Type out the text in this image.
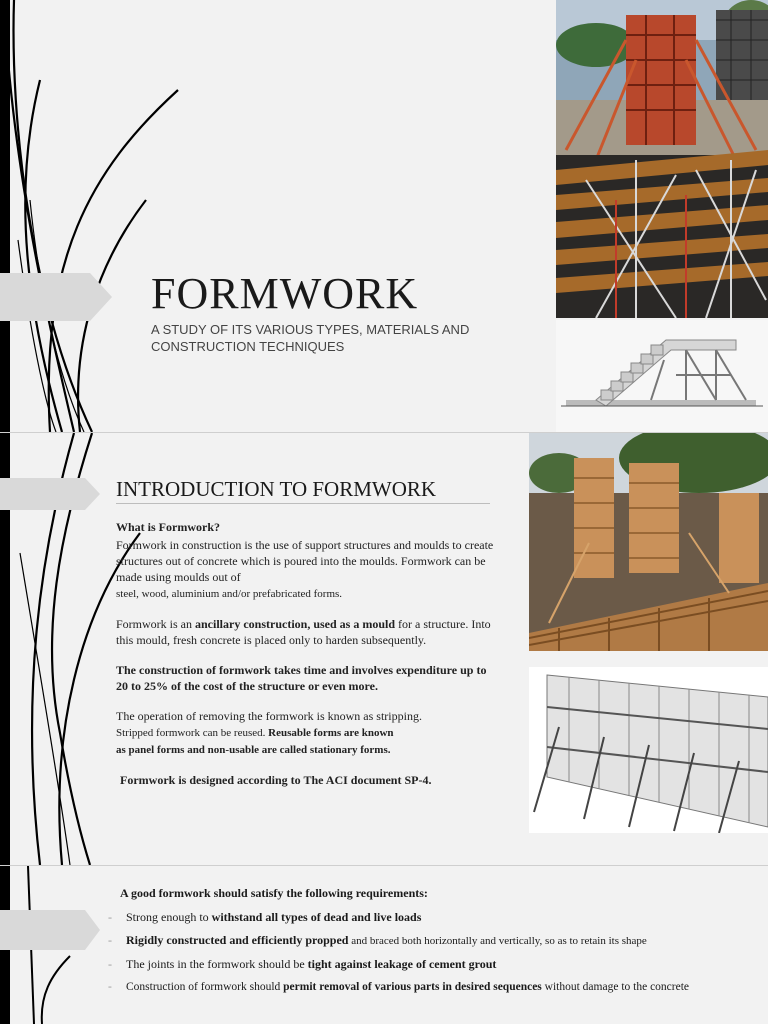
FORMWORK
A STUDY OF ITS VARIOUS TYPES, MATERIALS AND
CONSTRUCTION TECHNIQUES
INTRODUCTION TO FORMWORK

What is Formwork?

Formwork in construction is the use of support structures and moulds to create structures out of concrete which is poured into the moulds. Formwork can be made using moulds out of
steel, wood, aluminium and/or prefabricated forms.

Formwork is an ancillary construction, used as a mould for a structure. Into this mould, fresh concrete is placed only to harden subsequently.

The construction of formwork takes time and involves expenditure up to 20 to 25% of the cost of the structure or even more.

The operation of removing the formwork is known as stripping.
Stripped formwork can be reused. Reusable forms are known
as panel forms and non-usable are called stationary forms.

Formwork is designed according to The ACI document SP-4.

A good formwork should satisfy the following requirements:
- Strong enough to withstand all types of dead and live loads
- Rigidly constructed and efficiently propped and braced both horizontally and vertically, so as to retain its shape
- The joints in the formwork should be tight against leakage of cement grout
- Construction of formwork should permit removal of various parts in desired sequences without damage to the concrete
